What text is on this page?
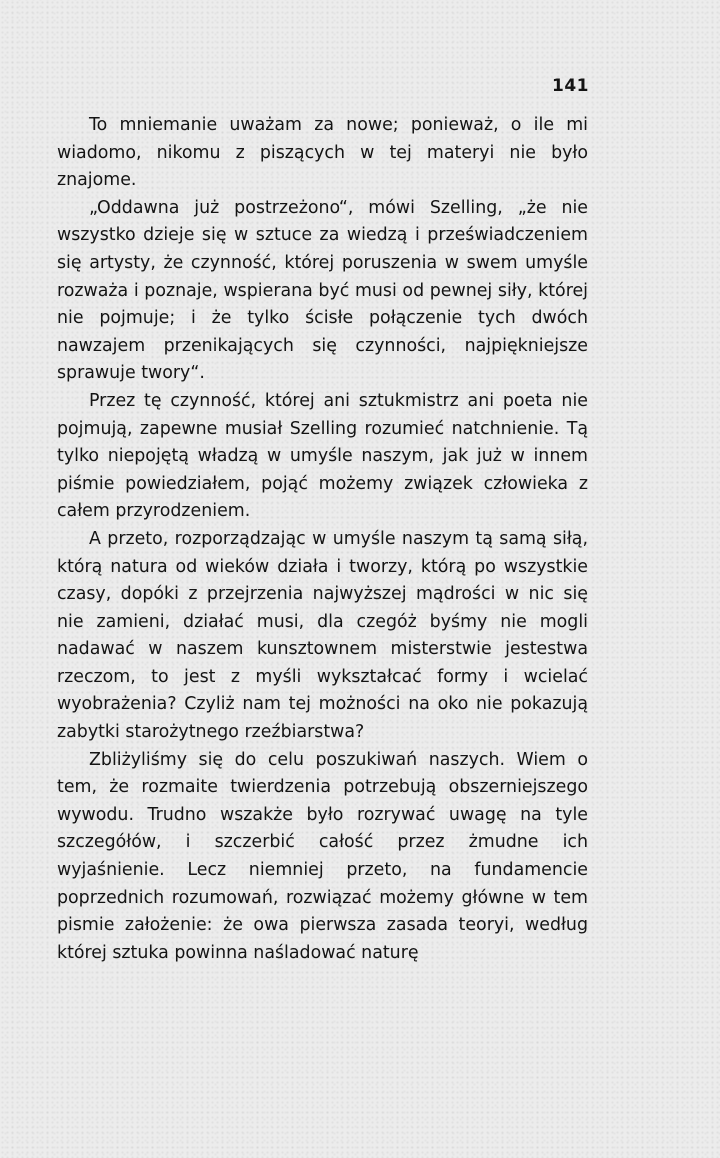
141

To mniemanie uważam za nowe; ponieważ, o ile mi wiadomo, nikomu z piszących w tej materyi nie było znajome.

„Oddawna już postrzeżono“, mówi Szelling, „że nie wszystko dzieje się w sztuce za wiedzą i przeświadczeniem się artysty, że czynność, której poruszenia w swem umyśle rozważa i poznaje, wspierana być musi od pewnej siły, której nie pojmuje; i że tylko ścisłe połączenie tych dwóch nawzajem przenikających się czynności, najpiękniejsze sprawuje twory“.

Przez tę czynność, której ani sztukmistrz ani poeta nie pojmują, zapewne musiał Szelling rozumieć natchnienie. Tą tylko niepojętą władzą w umyśle naszym, jak już w innem piśmie powiedziałem, pojąć możemy związek człowieka z całem przyrodzeniem.

A przeto, rozporządzając w umyśle naszym tą samą siłą, którą natura od wieków działa i tworzy, którą po wszystkie czasy, dopóki z przejrzenia najwyższej mądrości w nic się nie zamieni, działać musi, dla czegóż byśmy nie mogli nadawać w naszem kunsztownem misterstwie jestestwa rzeczom, to jest z myśli wykształcać formy i wcielać wyobrażenia? Czyliż nam tej możności na oko nie pokazują zabytki starożytnego rzeźbiarstwa?

Zbliżyliśmy się do celu poszukiwań naszych. Wiem o tem, że rozmaite twierdzenia potrzebują obszerniejszego wywodu. Trudno wszakże było rozrywać uwagę na tyle szczegółów, i szczerbić całość przez żmudne ich wyjaśnienie. Lecz niemniej przeto, na fundamencie poprzednich rozumowań, rozwiązać możemy główne w tem pismie założenie: że owa pierwsza zasada teoryi, według której sztuka powinna naśladować naturę
